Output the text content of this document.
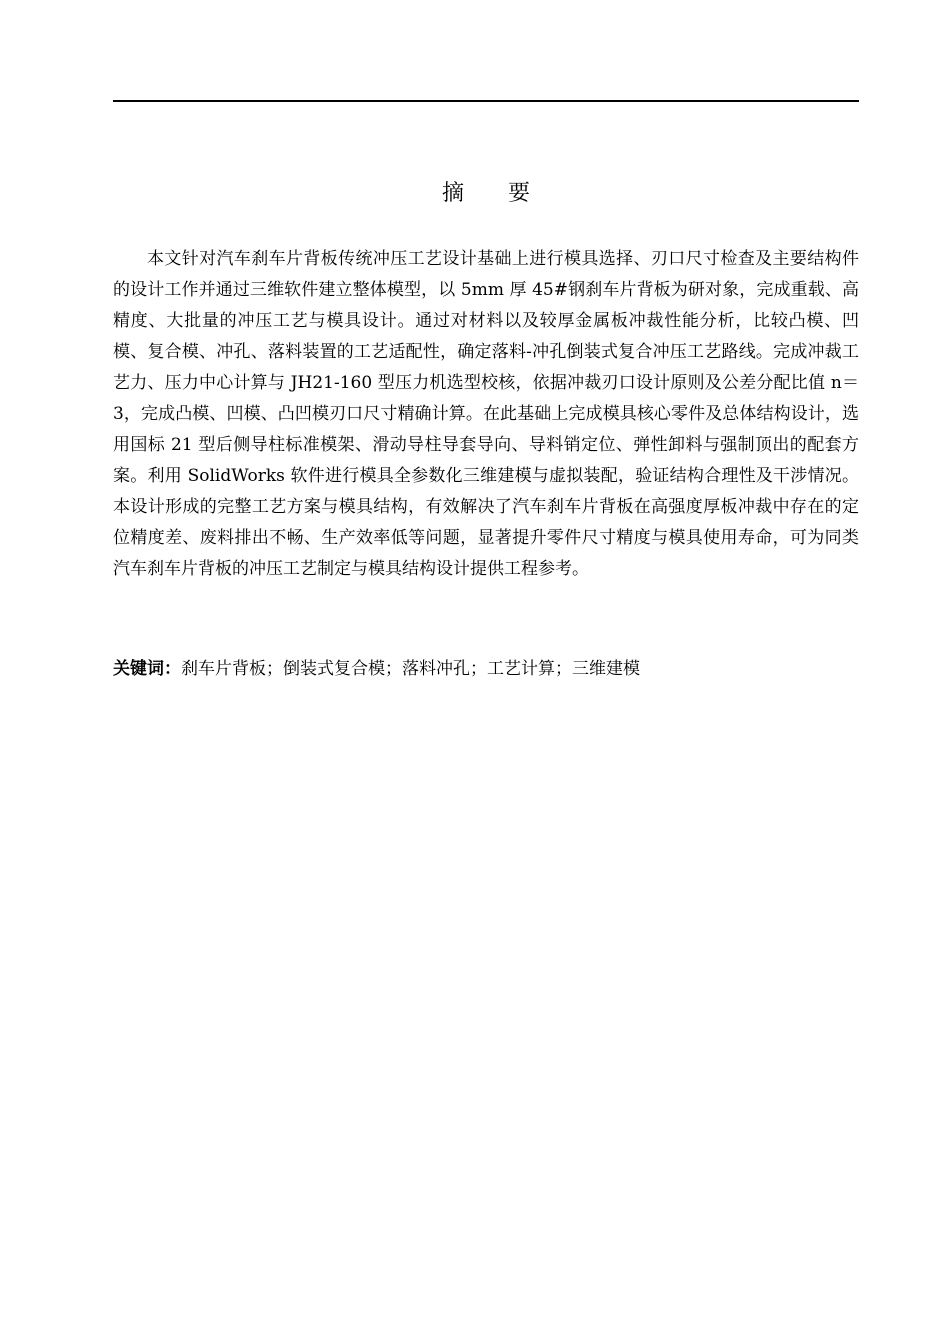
摘　　要

本文针对汽车刹车片背板传统冲压工艺设计基础上进行模具选择、刃口尺寸检查及主要结构件的设计工作并通过三维软件建立整体模型，以 5mm 厚 45#钢刹车片背板为研对象，完成重载、高精度、大批量的冲压工艺与模具设计。通过对材料以及较厚金属板冲裁性能分析，比较凸模、凹模、复合模、冲孔、落料装置的工艺适配性，确定落料-冲孔倒装式复合冲压工艺路线。完成冲裁工艺力、压力中心计算与 JH21-160 型压力机选型校核，依据冲裁刃口设计原则及公差分配比值 n＝3，完成凸模、凹模、凸凹模刃口尺寸精确计算。在此基础上完成模具核心零件及总体结构设计，选用国标 21 型后侧导柱标准模架、滑动导柱导套导向、导料销定位、弹性卸料与强制顶出的配套方案。利用 SolidWorks 软件进行模具全参数化三维建模与虚拟装配，验证结构合理性及干涉情况。本设计形成的完整工艺方案与模具结构，有效解决了汽车刹车片背板在高强度厚板冲裁中存在的定位精度差、废料排出不畅、生产效率低等问题，显著提升零件尺寸精度与模具使用寿命，可为同类汽车刹车片背板的冲压工艺制定与模具结构设计提供工程参考。

关键词：刹车片背板；倒装式复合模；落料冲孔；工艺计算；三维建模
